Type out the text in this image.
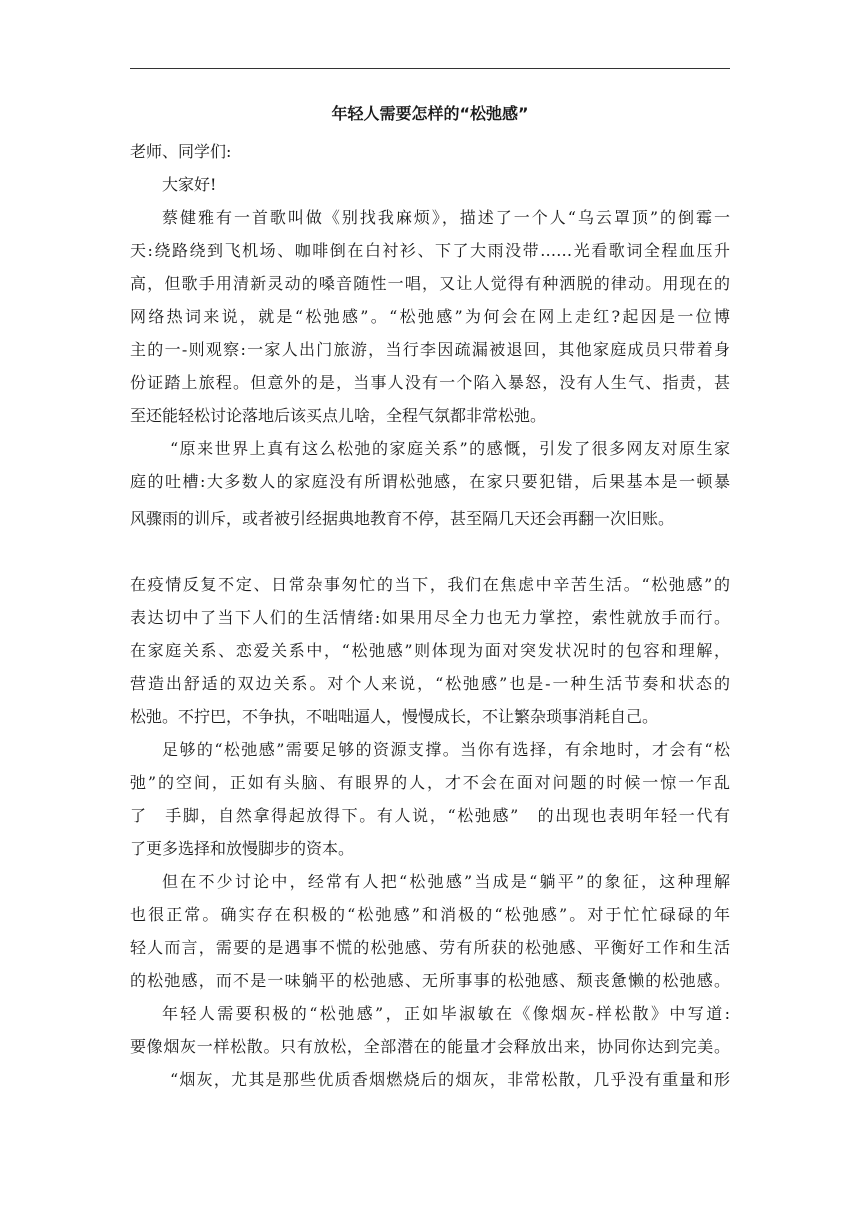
年轻人需要怎样的“松弛感”

老师、同学们:

大家好!

蔡健雅有一首歌叫做《别找我麻烦》，描述了一个人“乌云罩顶”的倒霉一

天:绕路绕到飞机场、咖啡倒在白衬衫、下了大雨没带……光看歌词全程血压升

高，但歌手用清新灵动的嗓音随性一唱，又让人觉得有种洒脱的律动。用现在的

网络热词来说，就是“松弛感”。“松弛感”为何会在网上走红?起因是一位博

主的一-则观察:一家人出门旅游，当行李因疏漏被退回，其他家庭成员只带着身

份证踏上旅程。但意外的是，当事人没有一个陷入暴怒，没有人生气、指责，甚

至还能轻松讨论落地后该买点儿啥，全程气氛都非常松弛。

“原来世界上真有这么松弛的家庭关系”的感慨，引发了很多网友对原生家

庭的吐槽:大多数人的家庭没有所谓松弛感，在家只要犯错，后果基本是一顿暴

风骤雨的训斥，或者被引经据典地教育不停，甚至隔几天还会再翻一次旧账。

在疫情反复不定、日常杂事匆忙的当下，我们在焦虑中辛苦生活。“松弛感”的

表达切中了当下人们的生活情绪:如果用尽全力也无力掌控，索性就放手而行。

在家庭关系、恋爱关系中，“松弛感”则体现为面对突发状况时的包容和理解，

营造出舒适的双边关系。对个人来说，“松弛感”也是-一种生活节奏和状态的

松弛。不拧巴，不争执，不咄咄逼人，慢慢成长，不让繁杂琐事消耗自己。

足够的“松弛感”需要足够的资源支撑。当你有选择，有余地时，才会有“松

弛”的空间，正如有头脑、有眼界的人，才不会在面对问题的时候一惊一乍乱

了　手脚，自然拿得起放得下。有人说，“松弛感”　的出现也表明年轻一代有

了更多选择和放慢脚步的资本。

但在不少讨论中，经常有人把“松弛感”当成是“躺平”的象征，这种理解

也很正常。确实存在积极的“松弛感”和消极的“松弛感”。对于忙忙碌碌的年

轻人而言，需要的是遇事不慌的松弛感、劳有所获的松弛感、平衡好工作和生活

的松弛感，而不是一味躺平的松弛感、无所事事的松弛感、颓丧惫懒的松弛感。

年轻人需要积极的“松弛感”，正如毕淑敏在《像烟灰-样松散》中写道:

要像烟灰一样松散。只有放松，全部潜在的能量才会释放出来，协同你达到完美。

“烟灰，尤其是那些优质香烟燃烧后的烟灰，非常松散，几乎没有重量和形
